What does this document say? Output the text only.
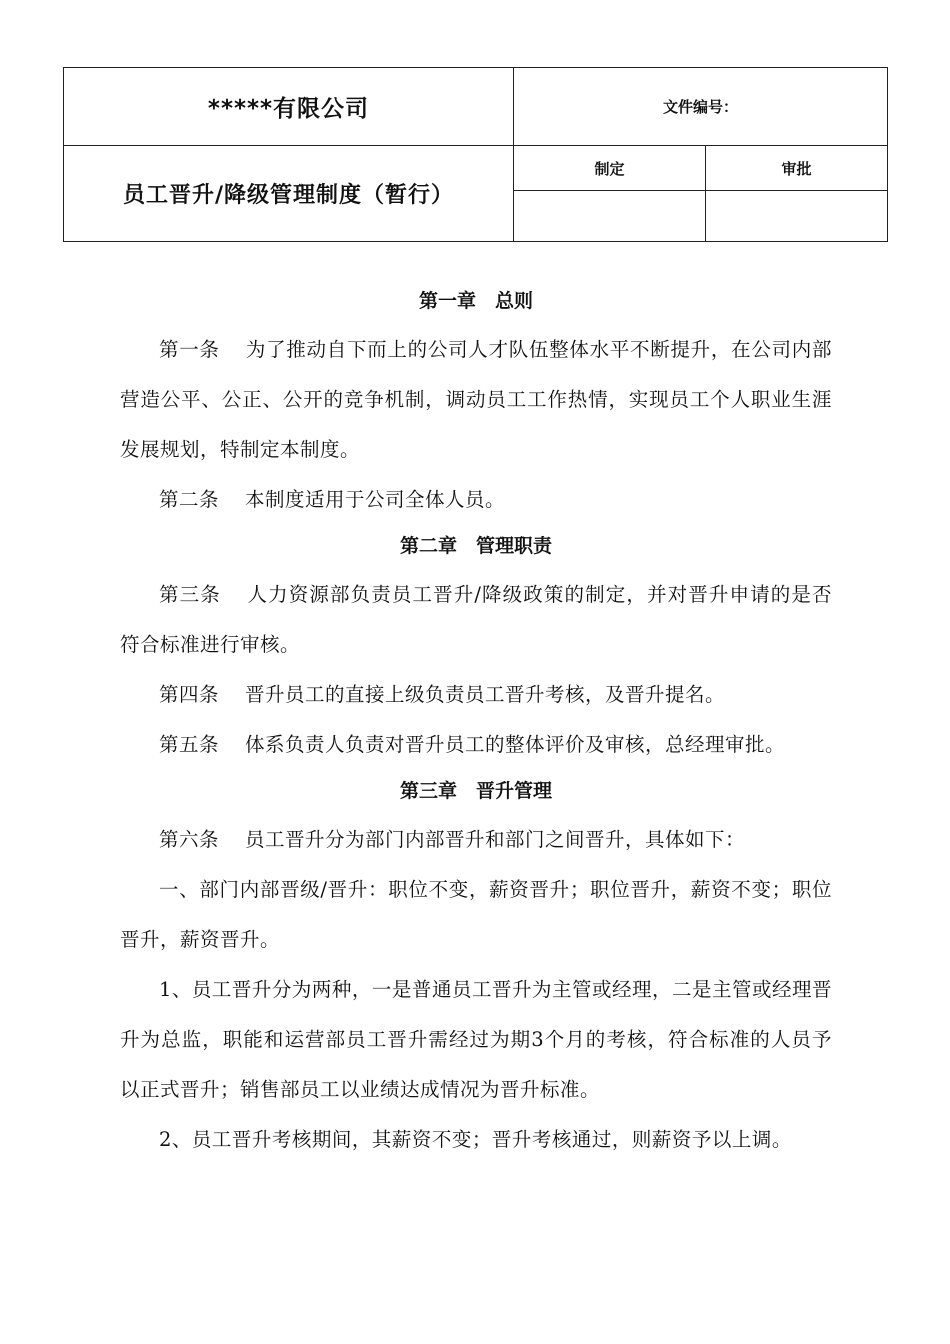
*****有限公司	文件编号：	
员工晋升/降级管理制度（暂行）	制定	审批

第一章　总则

第一条 为了推动自下而上的公司人才队伍整体水平不断提升，在公司内部营造公平、公正、公开的竞争机制，调动员工工作热情，实现员工个人职业生涯发展规划，特制定本制度。

第二条 本制度适用于公司全体人员。

第二章　管理职责

第三条 人力资源部负责员工晋升/降级政策的制定，并对晋升申请的是否符合标准进行审核。

第四条 晋升员工的直接上级负责员工晋升考核，及晋升提名。

第五条 体系负责人负责对晋升员工的整体评价及审核，总经理审批。

第三章　晋升管理

第六条 员工晋升分为部门内部晋升和部门之间晋升，具体如下：

一、部门内部晋级/晋升：职位不变，薪资晋升；职位晋升，薪资不变；职位晋升，薪资晋升。

1、员工晋升分为两种，一是普通员工晋升为主管或经理，二是主管或经理晋升为总监，职能和运营部员工晋升需经过为期3个月的考核，符合标准的人员予以正式晋升；销售部员工以业绩达成情况为晋升标准。

2、员工晋升考核期间，其薪资不变；晋升考核通过，则薪资予以上调。
